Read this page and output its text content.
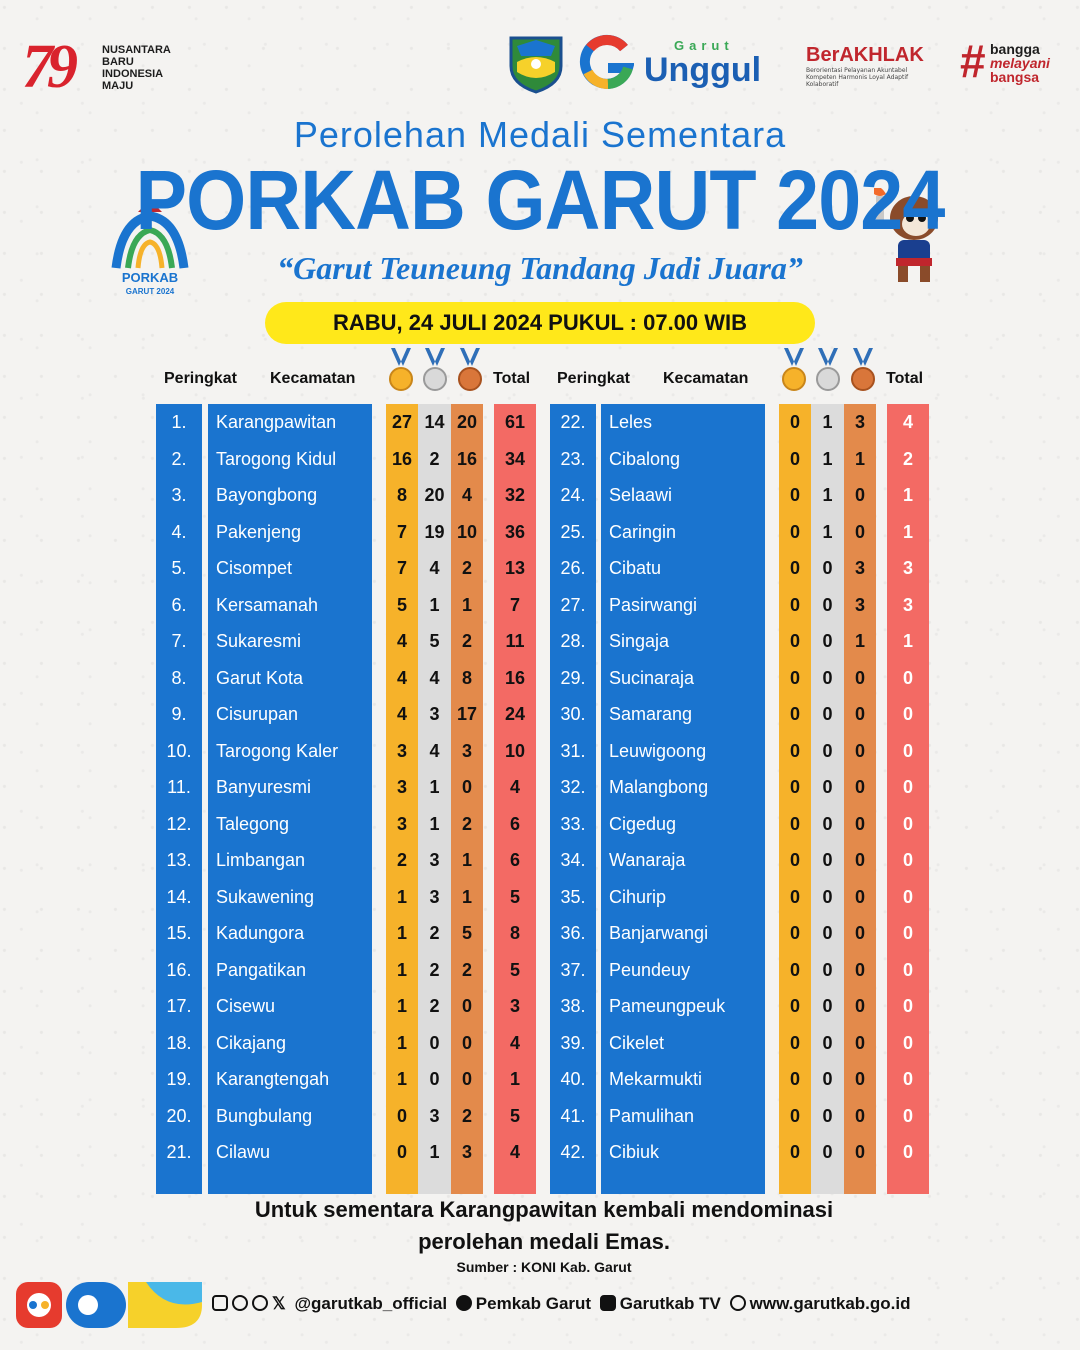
79	NUSANTARA
BARU
INDONESIA
MAJU
Garut
Unggul BerAKHLAK
Berorientasi Pelayanan Akuntabel Kompeten Harmonis Loyal Adaptif Kolaboratif	# bangga
melayani
bangsa
PORKAB
GARUT 2024
Perolehan Medali Sementara
PORKAB GARUT 2024
“Garut Teuneung Tandang Jadi Juara”
RABU, 24 JULI 2024 PUKUL : 07.00 WIB
Peringkat Kecamatan	Total Peringkat Kecamatan	Total
1.	Karangpawitan	27 14 20	61
2.	Tarogong Kidul	16 2 16	34
3.	Bayongbong	8 20 4	32
4.	Pakenjeng	7 19 10	36
5.	Cisompet	7	4	2	13
6.	Kersamanah	5	1	1	7
7.	Sukaresmi	4	5	2	11
8.	Garut Kota	4	4	8	16
9.	Cisurupan	4	3 17	24
10.	Tarogong Kaler	3	4	3	10
11.	Banyuresmi	3	1	0	4
12.	Talegong	3	1	2	6
13.	Limbangan	2	3	1	6
14.	Sukawening	1	3	1	5
15.	Kadungora	1	2	5	8
16.	Pangatikan	1	2	2	5
17.	Cisewu	1	2	0	3
18.	Cikajang	1	0	0	4
19.	Karangtengah	1	0	0	1
20.	Bungbulang	0	3	2	5
21.	Cilawu	0	1	3	4
22.	Leles	0	1	3	4
23.	Cibalong	0	1	1	2
24.	Selaawi	0	1	0	1
25.	Caringin	0	1	0	1
26.	Cibatu	0	0	3	3
27.	Pasirwangi	0	0	3	3
28.	Singaja	0	0	1	1
29.	Sucinaraja	0	0	0	0
30.	Samarang	0	0	0	0
31.	Leuwigoong	0	0	0	0
32.	Malangbong	0	0	0	0
33.	Cigedug	0	0	0	0
34.	Wanaraja	0	0	0	0
35.	Cihurip	0	0	0	0
36.	Banjarwangi	0	0	0	0
37.	Peundeuy	0	0	0	0
38.	Pameungpeuk	0	0	0	0
39.	Cikelet	0	0	0	0
40.	Mekarmukti	0	0	0	0
41.	Pamulihan	0	0	0	0
42.	Cibiuk	0	0	0	0
Untuk sementara Karangpawitan kembali mendominasi
perolehan medali Emas.
Sumber : KONI Kab. Garut
𝕏 @garutkab_official Pemkab Garut Garutkab TV www.garutkab.go.id
